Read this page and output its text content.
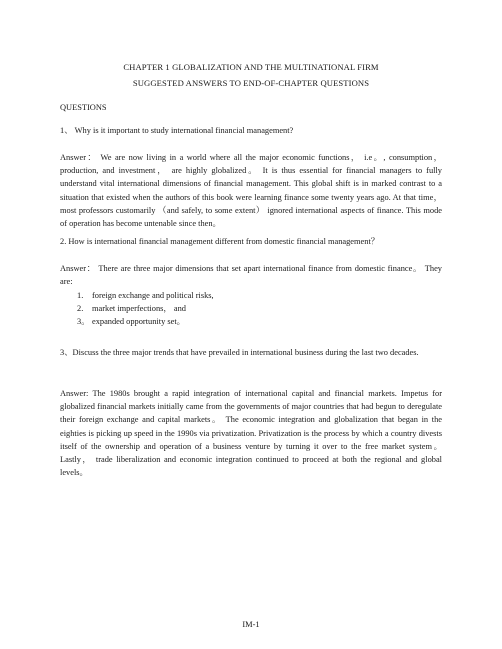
CHAPTER 1 GLOBALIZATION AND THE MULTINATIONAL FIRM
SUGGESTED ANSWERS TO END-OF-CHAPTER QUESTIONS
QUESTIONS
1、 Why is it important to study international financial management?
Answer： We are now living in a world where all the major economic functions， i.e。, consumption， production, and investment， are highly globalized。 It is thus essential for financial managers to fully understand vital international dimensions of financial management. This global shift is in marked contrast to a situation that existed when the authors of this book were learning finance some twenty years ago. At that time， most professors customarily （and safely, to some extent） ignored international aspects of finance. This mode of operation has become untenable since then。
2. How is international financial management different from domestic financial management？
Answer： There are three major dimensions that set apart international finance from domestic finance。 They are:
1.	foreign exchange and political risks,
2.	market imperfections， and
3。 expanded opportunity set。
3、Discuss the three major trends that have prevailed in international business during the last two decades.
Answer: The 1980s brought a rapid integration of international capital and financial markets. Impetus for globalized financial markets initially came from the governments of major countries that had begun to deregulate their foreign exchange and capital markets。 The economic integration and globalization that began in the eighties is picking up speed in the 1990s via privatization. Privatization is the process by which a country divests itself of the ownership and operation of a business venture by turning it over to the free market system。 Lastly， trade liberalization and economic integration continued to proceed at both the regional and global levels。
IM-1
